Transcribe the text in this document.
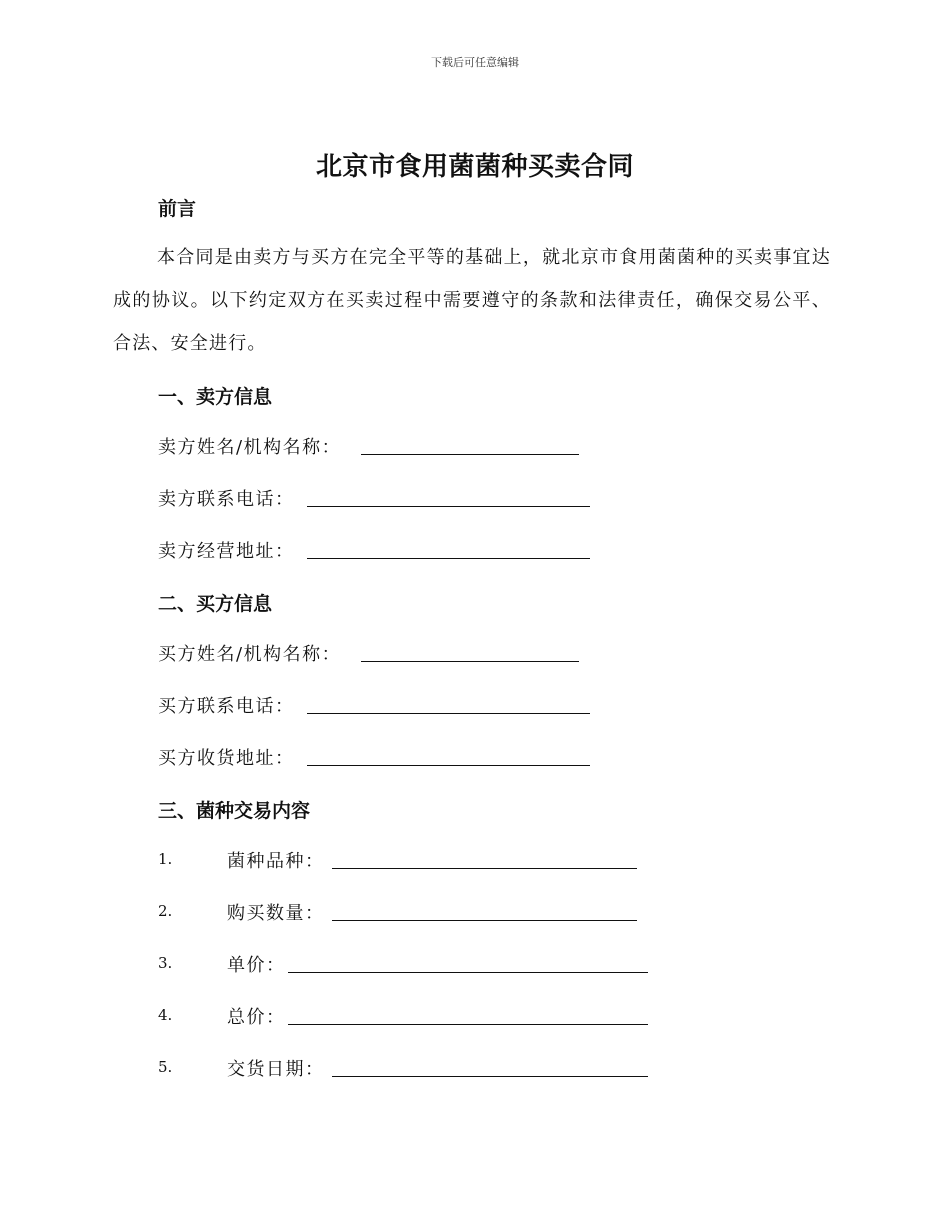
下载后可任意编辑
北京市食用菌菌种买卖合同
前言
本合同是由卖方与买方在完全平等的基础上，就北京市食用菌菌种的买卖事宜达成的协议。以下约定双方在买卖过程中需要遵守的条款和法律责任，确保交易公平、合法、安全进行。
一、卖方信息
卖方姓名/机构名称：
卖方联系电话：
卖方经营地址：
二、买方信息
买方姓名/机构名称：
买方联系电话：
买方收货地址：
三、菌种交易内容
1.	菌种品种：
2.	购买数量：
3.	单价：
4.	总价：
5.	交货日期：
